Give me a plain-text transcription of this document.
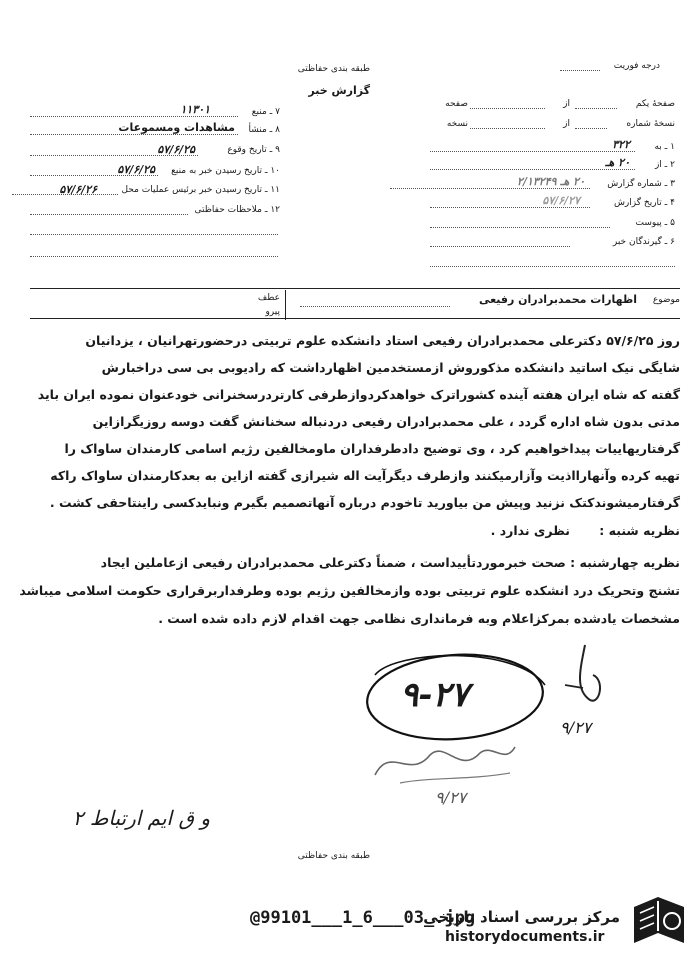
طبقه بندی حفاظتی
گزارش خبر
درجه فوریت
۷ ـ منبع
۱۱۳۰۱
۸ ـ منشأ
مشاهدات ومسموعات
۹ ـ تاریخ وقوع
۵۷/۶/۲۵
۱۰ ـ تاریخ رسیدن خبر به منبع
۵۷/۶/۲۵
۱۱ ـ تاریخ رسیدن خبر برئیس عملیات محل
۵۷/۶/۲۶
۱۲ ـ ملاحظات حفاظتی
صفحهٔ یکم
از
صفحه
نسخهٔ شماره
از
نسخه
۱ ـ به
۳۲۲
۲ ـ از
۲۰ هـ
۳ ـ شماره گزارش
۲۰ هـ ۲/۱۳۲۴۹
۴ ـ تاریخ گزارش
۵۷/۶/۲۷
۵ ـ پیوست
۶ ـ گیرندگان خبر
موضوع
اظهارات محمدبرادران رفیعی
عطف
پیرو
روز ۵۷/۶/۲۵ دکترعلی محمدبرادران رفیعی استاد دانشکده علوم تربیتی درحضورتهرانیان ، یزدانیان
شایگی نیک اساتید دانشکده مذکوروش ازمستخدمین اظهارداشت که رادیوبی بی سی دراخبارش
گفته که شاه ایران هفته آینده کشوراترک خواهدکردوازطرفی کارتردرسخنرانی خودعنوان نموده ایران باید
مدتی بدون شاه اداره گردد ، علی محمدبرادران رفیعی دردنباله سخنانش گفت دوسه روزیگرازاین
گرفتاریهاییات پیداخواهیم کرد ، وی توضیح دادطرفداران ماومخالفین رژیم اسامی کارمندان ساواک را
تهیه کرده وآنهارااذیت وآزارمیکنند وازطرف دیگرآیت اله شیرازی گفته ازاین به بعدکارمندان ساواک راکه
گرفتارمیشوندکتک نزنید وپیش من بیاورید تاخودم درباره آنهاتصمیم بگیرم ونبایدکسی راینتاحقی کشت .
نظریه شنبه :
نظری ندارد .
نظریه چهارشنبه : صحت خبرموردتأییداست ، ضمناً دکترعلی محمدبرادران رفیعی ازعاملین ایجاد
تشنج وتحریک درد انشکده علوم تربیتی بوده وازمخالفین رژیم بوده وطرفداربرقراری حکومت اسلامی میباشد
مشخصات یادشده بمرکزاعلام وبه فرمانداری نظامی جهت اقدام لازم داده شده است .
۹-۲۷
۹/۲۷
۹/۲۷
و ق ایم ارتباط ۲
طبقه بندی حفاظتی
@99101___1_6___03_.jpg
مرکز بررسی اسناد تاریخی
historydocuments.ir
